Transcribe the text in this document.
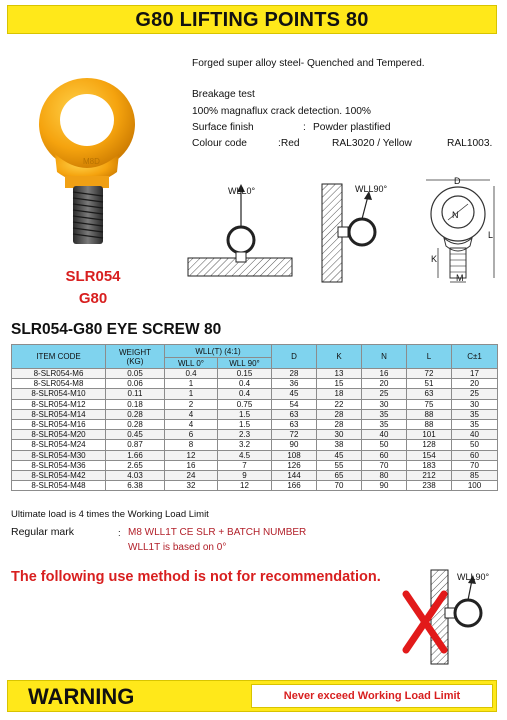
G80 LIFTING POINTS 80
M8D
SLR054
G80
Forged super alloy steel- Quenched and Tempered.
Breakage test
100% magnaflux crack detection. 100%
Surface finish	: Powder plastified
Colour code	:Red	RAL3020 / Yellow	RAL1003.
WLL0°	WLL90°
D
N
L
K
M
SLR054-G80 EYE SCREW 80
ITEM CODE	WEIGHT
(KG)	WLL(T) (4:1)		D	K	N	L	C±1
		WLL 0°	WLL 90°					
8-SLR054-M6	0.05	0.4	0.15	28	13	16	72	17
8-SLR054-M8	0.06	1	0.4	36	15	20	51	20
8-SLR054-M10	0.11	1	0.4	45	18	25	63	25
8-SLR054-M12	0.18	2	0.75	54	22	30	75	30
8-SLR054-M14	0.28	4	1.5	63	28	35	88	35
8-SLR054-M16	0.28	4	1.5	63	28	35	88	35
8-SLR054-M20	0.45	6	2.3	72	30	40	101	40
8-SLR054-M24	0.87	8	3.2	90	38	50	128	50
8-SLR054-M30	1.66	12	4.5	108	45	60	154	60
8-SLR054-M36	2.65	16	7	126	55	70	183	70
8-SLR054-M42	4.03	24	9	144	65	80	212	85
8-SLR054-M48	6.38	32	12	166	70	90	238	100
Ultimate load is 4 times the Working Load Limit
Regular mark	: M8 WLL1T CE SLR + BATCH NUMBER
WLL1T is based on 0°
The following use method is not for recommendation.	WLL90°
WARNING	Never exceed Working Load Limit
